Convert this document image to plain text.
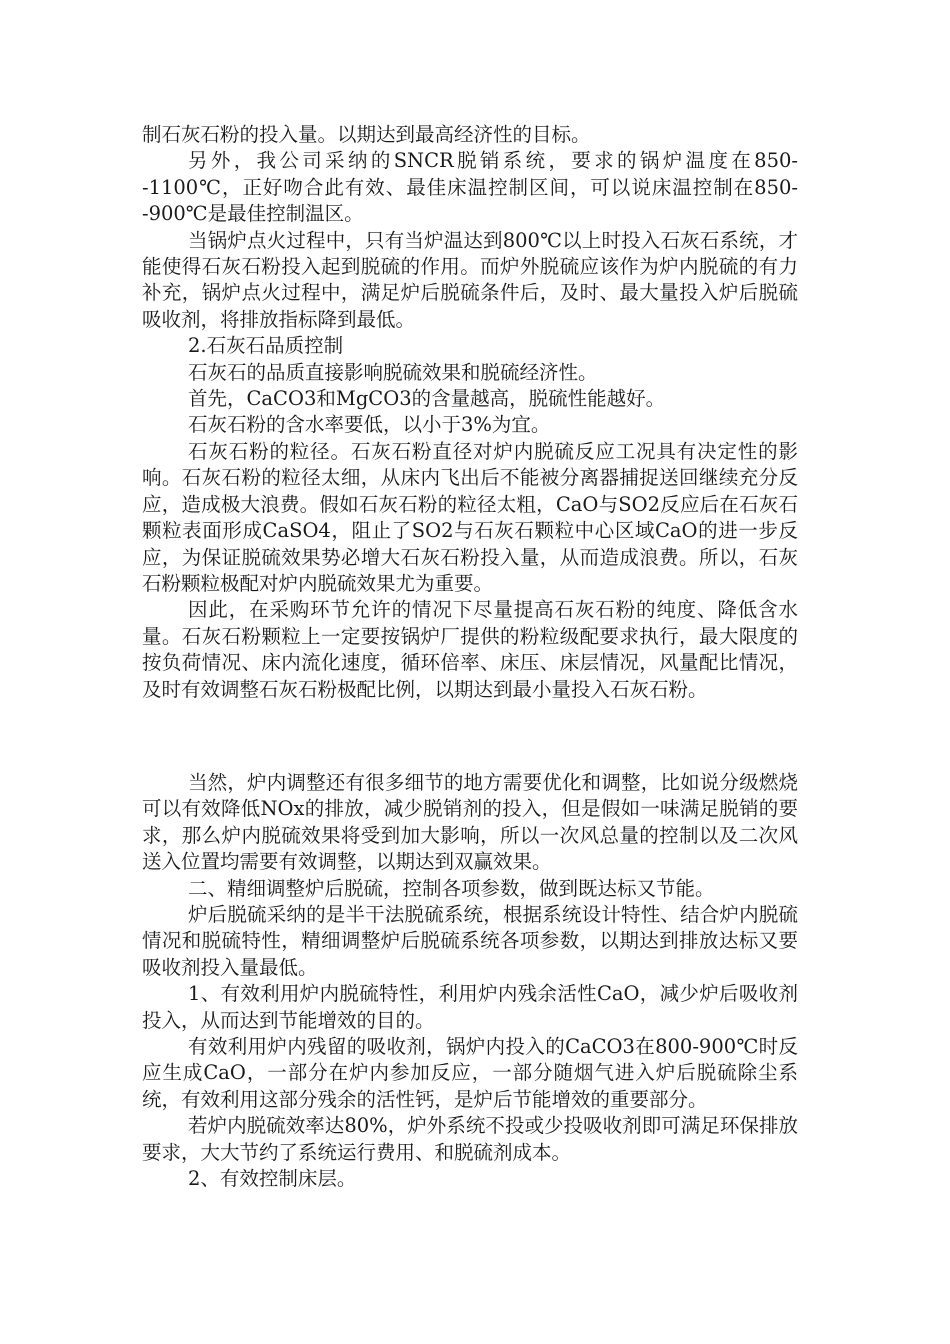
制石灰石粉的投入量。以期达到最高经济性的目标。

另外，我公司采纳的SNCR脱销系统，要求的锅炉温度在850--1100℃，正好吻合此有效、最佳床温控制区间，可以说床温控制在850--900℃是最佳控制温区。

当锅炉点火过程中，只有当炉温达到800℃以上时投入石灰石系统，才能使得石灰石粉投入起到脱硫的作用。而炉外脱硫应该作为炉内脱硫的有力补充，锅炉点火过程中，满足炉后脱硫条件后，及时、最大量投入炉后脱硫吸收剂，将排放指标降到最低。

2.石灰石品质控制

石灰石的品质直接影响脱硫效果和脱硫经济性。

首先，CaCO3和MgCO3的含量越高，脱硫性能越好。

石灰石粉的含水率要低，以小于3%为宜。

石灰石粉的粒径。石灰石粉直径对炉内脱硫反应工况具有决定性的影响。石灰石粉的粒径太细，从床内飞出后不能被分离器捕捉送回继续充分反应，造成极大浪费。假如石灰石粉的粒径太粗，CaO与SO2反应后在石灰石颗粒表面形成CaSO4，阻止了SO2与石灰石颗粒中心区域CaO的进一步反应，为保证脱硫效果势必增大石灰石粉投入量，从而造成浪费。所以，石灰石粉颗粒极配对炉内脱硫效果尤为重要。

因此，在采购环节允许的情况下尽量提高石灰石粉的纯度、降低含水量。石灰石粉颗粒上一定要按锅炉厂提供的粉粒级配要求执行，最大限度的按负荷情况、床内流化速度，循环倍率、床压、床层情况，风量配比情况，及时有效调整石灰石粉极配比例，以期达到最小量投入石灰石粉。

当然，炉内调整还有很多细节的地方需要优化和调整，比如说分级燃烧可以有效降低NOx的排放，减少脱销剂的投入，但是假如一味满足脱销的要求，那么炉内脱硫效果将受到加大影响，所以一次风总量的控制以及二次风送入位置均需要有效调整，以期达到双赢效果。

二、精细调整炉后脱硫，控制各项参数，做到既达标又节能。

炉后脱硫采纳的是半干法脱硫系统，根据系统设计特性、结合炉内脱硫情况和脱硫特性，精细调整炉后脱硫系统各项参数，以期达到排放达标又要吸收剂投入量最低。

1、有效利用炉内脱硫特性，利用炉内残余活性CaO，减少炉后吸收剂投入，从而达到节能增效的目的。

有效利用炉内残留的吸收剂，锅炉内投入的CaCO3在800-900℃时反应生成CaO，一部分在炉内参加反应，一部分随烟气进入炉后脱硫除尘系统，有效利用这部分残余的活性钙，是炉后节能增效的重要部分。

若炉内脱硫效率达80%，炉外系统不投或少投吸收剂即可满足环保排放要求，大大节约了系统运行费用、和脱硫剂成本。

2、有效控制床层。
